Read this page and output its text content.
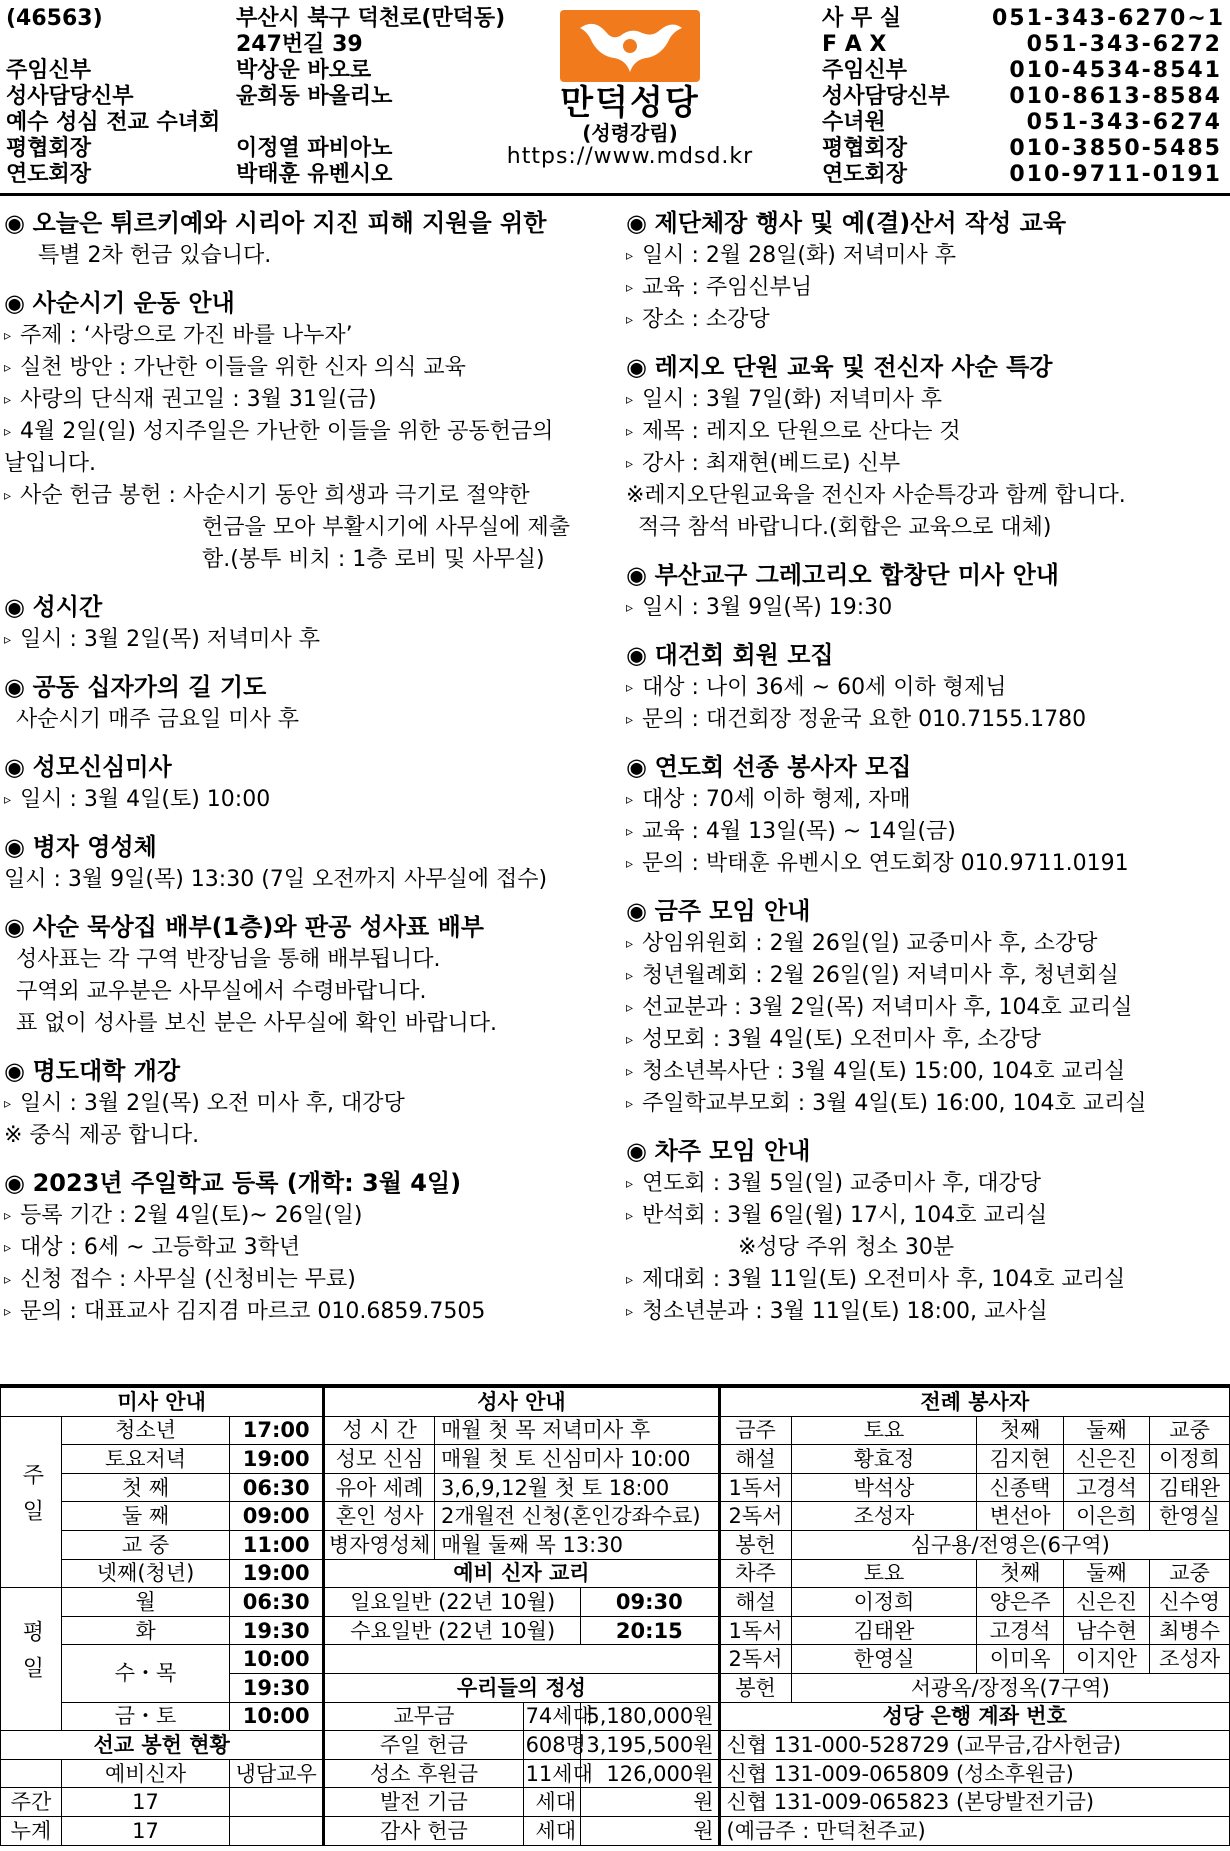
(46563)	부산시 북구 덕천로(만덕동)
247번길 39
주임신부	박상운 바오로
성사담당신부	윤희동 바올리노
예수 성심 전교 수녀회
평협회장	이정열 파비아노
연도회장	박태훈 유벤시오
만덕성당
(성령강림)
https://www.mdsd.kr
사 무 실	051-343-6270~1
F A X	051-343-6272
주임신부	010-4534-8541
성사담당신부	010-8613-8584
수녀원	051-343-6274
평협회장	010-3850-5485
연도회장	010-9711-0191
◉ 오늘은 튀르키예와 시리아 지진 피해 지원을 위한
특별 2차 헌금 있습니다.
◉ 사순시기 운동 안내
▹ 주제 : ‘사랑으로 가진 바를 나누자’
▹ 실천 방안 : 가난한 이들을 위한 신자 의식 교육
▹ 사랑의 단식재 권고일 : 3월 31일(금)
▹ 4월 2일(일) 성지주일은 가난한 이들을 위한 공동헌금의
날입니다.
▹ 사순 헌금 봉헌 : 사순시기 동안 희생과 극기로 절약한
헌금을 모아 부활시기에 사무실에 제출
함.(봉투 비치 : 1층 로비 및 사무실)
◉ 성시간
▹ 일시 : 3월 2일(목) 저녁미사 후
◉ 공동 십자가의 길 기도
사순시기 매주 금요일 미사 후
◉ 성모신심미사
▹ 일시 : 3월 4일(토) 10:00
◉ 병자 영성체
일시 : 3월 9일(목) 13:30 (7일 오전까지 사무실에 접수)
◉ 사순 묵상집 배부(1층)와 판공 성사표 배부
성사표는 각 구역 반장님을 통해 배부됩니다.
구역외 교우분은 사무실에서 수령바랍니다.
표 없이 성사를 보신 분은 사무실에 확인 바랍니다.
◉ 명도대학 개강
▹ 일시 : 3월 2일(목) 오전 미사 후, 대강당
※ 중식 제공 합니다.
◉ 2023년 주일학교 등록 (개학: 3월 4일)
▹ 등록 기간 : 2월 4일(토)~ 26일(일)
▹ 대상 : 6세 ~ 고등학교 3학년
▹ 신청 접수 : 사무실 (신청비는 무료)
▹ 문의 : 대표교사 김지겸 마르코 010.6859.7505
◉ 제단체장 행사 및 예(결)산서 작성 교육
▹ 일시 : 2월 28일(화) 저녁미사 후
▹ 교육 : 주임신부님
▹ 장소 : 소강당
◉ 레지오 단원 교육 및 전신자 사순 특강
▹ 일시 : 3월 7일(화) 저녁미사 후
▹ 제목 : 레지오 단원으로 산다는 것
▹ 강사 : 최재현(베드로) 신부
※레지오단원교육을 전신자 사순특강과 함께 합니다.
적극 참석 바랍니다.(회합은 교육으로 대체)
◉ 부산교구 그레고리오 합창단 미사 안내
▹ 일시 : 3월 9일(목) 19:30
◉ 대건회 회원 모집
▹ 대상 : 나이 36세 ~ 60세 이하 형제님
▹ 문의 : 대건회장 정윤국 요한 010.7155.1780
◉ 연도회 선종 봉사자 모집
▹ 대상 : 70세 이하 형제, 자매
▹ 교육 : 4월 13일(목) ~ 14일(금)
▹ 문의 : 박태훈 유벤시오 연도회장 010.9711.0191
◉ 금주 모임 안내
▹ 상임위원회 : 2월 26일(일) 교중미사 후, 소강당
▹ 청년월례회 : 2월 26일(일) 저녁미사 후, 청년회실
▹ 선교분과 : 3월 2일(목) 저녁미사 후, 104호 교리실
▹ 성모회 : 3월 4일(토) 오전미사 후, 소강당
▹ 청소년복사단 : 3월 4일(토) 15:00, 104호 교리실
▹ 주일학교부모회 : 3월 4일(토) 16:00, 104호 교리실
◉ 차주 모임 안내
▹ 연도회 : 3월 5일(일) 교중미사 후, 대강당
▹ 반석회 : 3월 6일(월) 17시, 104호 교리실
※성당 주위 청소 30분
▹ 제대회 : 3월 11일(토) 오전미사 후, 104호 교리실
▹ 청소년분과 : 3월 11일(토) 18:00, 교사실
미사 안내			성사 안내				전례 봉사자				
주일	청소년	17:00	성 시 간	매월 첫 목 저녁미사 후			금주	토요	첫째	둘째	교중
	토요저녁	19:00	성모 신심	매월 첫 토 신심미사 10:00			해설	황효정	김지현	신은진	이정희
	첫 째	06:30	유아 세례	3,6,9,12월 첫 토 18:00			1독서	박석상	신종택	고경석	김태완
	둘 째	09:00	혼인 성사	2개월전 신청(혼인강좌수료)			2독서	조성자	변선아	이은희	한영실
	교 중	11:00	병자영성체	매월 둘째 목 13:30			봉헌	심구용/전영은(6구역)			
	넷째(청년)	19:00	예비 신자 교리				차주	토요	첫째	둘째	교중
평일	월	06:30	일요일반 (22년 10월)			09:30	해설	이정희	양은주	신은진	신수영
	화	19:30	수요일반 (22년 10월)			20:15	1독서	김태완	고경석	남수현	최병수
	수・목	10:00					2독서	한영실	이미옥	이지안	조성자
		19:30	우리들의 정성				봉헌	서광옥/장정옥(7구역)			
	금・토	10:00	교무금		74세대	5,180,000원	성당 은행 계좌 번호				
선교 봉헌 현황			주일 헌금		608명	3,195,500원	신협 131-000-528729 (교무금,감사헌금)				
	예비신자	냉담교우	성소 후원금		11세대	126,000원	신협 131-009-065809 (성소후원금)				
주간	17		발전 기금		세대	원	신협 131-009-065823 (본당발전기금)				
누계	17		감사 헌금		세대	원	(예금주 : 만덕천주교)				
